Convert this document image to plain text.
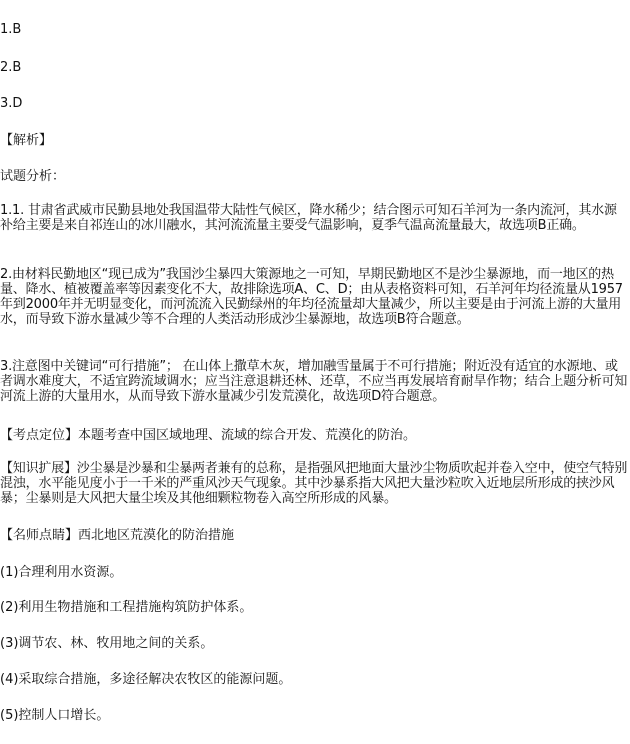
1.B
2.B
3.D
【解析】
试题分析：
1.1. 甘肃省武威市民勤县地处我国温带大陆性气候区，降水稀少；结合图示可知石羊河为一条内流河，其水源补给主要是来自祁连山的冰川融水，其河流流量主要受气温影响，夏季气温高流量最大，故选项B正确。
2.由材料民勤地区“现已成为”我国沙尘暴四大策源地之一可知，早期民勤地区不是沙尘暴源地，而一地区的热量、降水、植被覆盖率等因素变化不大，故排除选项A、C、D；由从表格资料可知，石羊河年均径流量从1957年到2000年并无明显变化，而河流流入民勤绿州的年均径流量却大量减少，所以主要是由于河流上游的大量用水，而导致下游水量减少等不合理的人类活动形成沙尘暴源地，故选项B符合题意。
3.注意图中关键词“可行措施”； 在山体上撒草木灰，增加融雪量属于不可行措施；附近没有适宜的水源地、或者调水难度大，不适宜跨流域调水；应当注意退耕还林、还草，不应当再发展培育耐旱作物；结合上题分析可知河流上游的大量用水，从而导致下游水量减少引发荒漠化，故选项D符合题意。
【考点定位】本题考查中国区域地理、流域的综合开发、荒漠化的防治。
【知识扩展】沙尘暴是沙暴和尘暴两者兼有的总称，是指强风把地面大量沙尘物质吹起并卷入空中，使空气特别混浊，水平能见度小于一千米的严重风沙天气现象。其中沙暴系指大风把大量沙粒吹入近地层所形成的挟沙风暴；尘暴则是大风把大量尘埃及其他细颗粒物卷入高空所形成的风暴。
【名师点睛】西北地区荒漠化的防治措施
(1)合理利用水资源。
(2)利用生物措施和工程措施构筑防护体系。
(3)调节农、林、牧用地之间的关系。
(4)采取综合措施，多途径解决农牧区的能源问题。
(5)控制人口增长。
